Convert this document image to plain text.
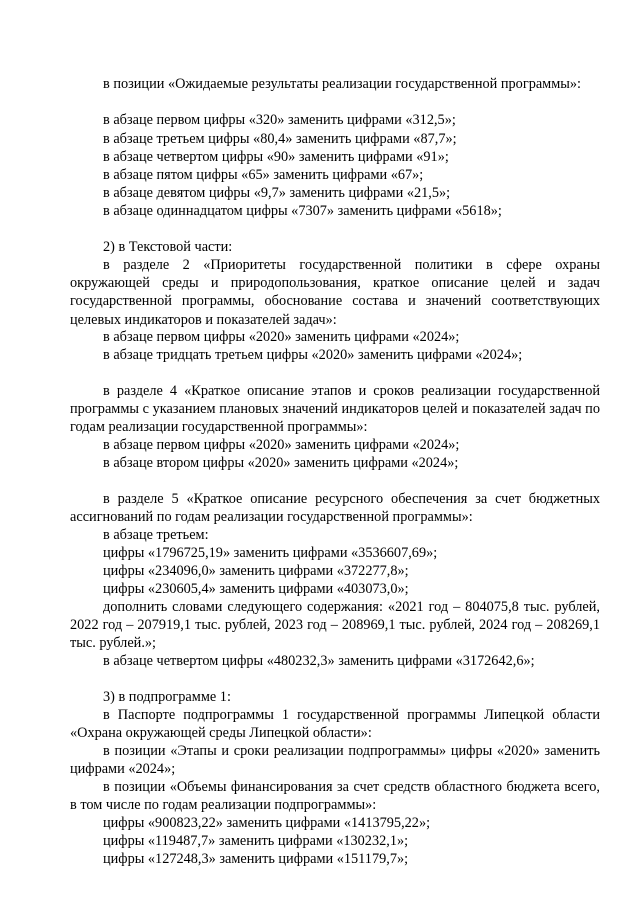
в позиции «Ожидаемые результаты реализации государственной программы»:

в абзаце первом цифры «320» заменить цифрами «312,5»;

в абзаце третьем цифры «80,4» заменить цифрами «87,7»;

в абзаце четвертом цифры «90» заменить цифрами «91»;

в абзаце пятом цифры «65» заменить цифрами «67»;

в абзаце девятом цифры «9,7» заменить цифрами «21,5»;

в абзаце одиннадцатом цифры «7307» заменить цифрами «5618»;

2) в Текстовой части:

в разделе 2 «Приоритеты государственной политики в сфере охраны окружающей среды и природопользования, краткое описание целей и задач государственной программы, обоснование состава и значений соответствующих целевых индикаторов и показателей задач»:

в абзаце первом цифры «2020» заменить цифрами «2024»;

в абзаце тридцать третьем цифры «2020» заменить цифрами «2024»;

в разделе 4 «Краткое описание этапов и сроков реализации государственной программы с указанием плановых значений индикаторов целей и показателей задач по годам реализации государственной программы»:

в абзаце первом цифры «2020» заменить цифрами «2024»;

в абзаце втором цифры «2020» заменить цифрами «2024»;

в разделе 5 «Краткое описание ресурсного обеспечения за счет бюджетных ассигнований по годам реализации государственной программы»:

в абзаце третьем:

цифры «1796725,19» заменить цифрами «3536607,69»;

цифры «234096,0» заменить цифрами «372277,8»;

цифры «230605,4» заменить цифрами «403073,0»;

дополнить словами следующего содержания: «2021 год – 804075,8 тыс. рублей, 2022 год – 207919,1 тыс. рублей, 2023 год – 208969,1 тыс. рублей, 2024 год – 208269,1 тыс. рублей.»;

в абзаце четвертом цифры «480232,3» заменить цифрами «3172642,6»;

3) в подпрограмме 1:

в Паспорте подпрограммы 1 государственной программы Липецкой области «Охрана окружающей среды Липецкой области»:

в позиции «Этапы и сроки реализации подпрограммы» цифры «2020» заменить цифрами «2024»;

в позиции «Объемы финансирования за счет средств областного бюджета всего, в том числе по годам реализации подпрограммы»:

цифры «900823,22» заменить цифрами «1413795,22»;

цифры «119487,7» заменить цифрами «130232,1»;

цифры «127248,3» заменить цифрами «151179,7»;
